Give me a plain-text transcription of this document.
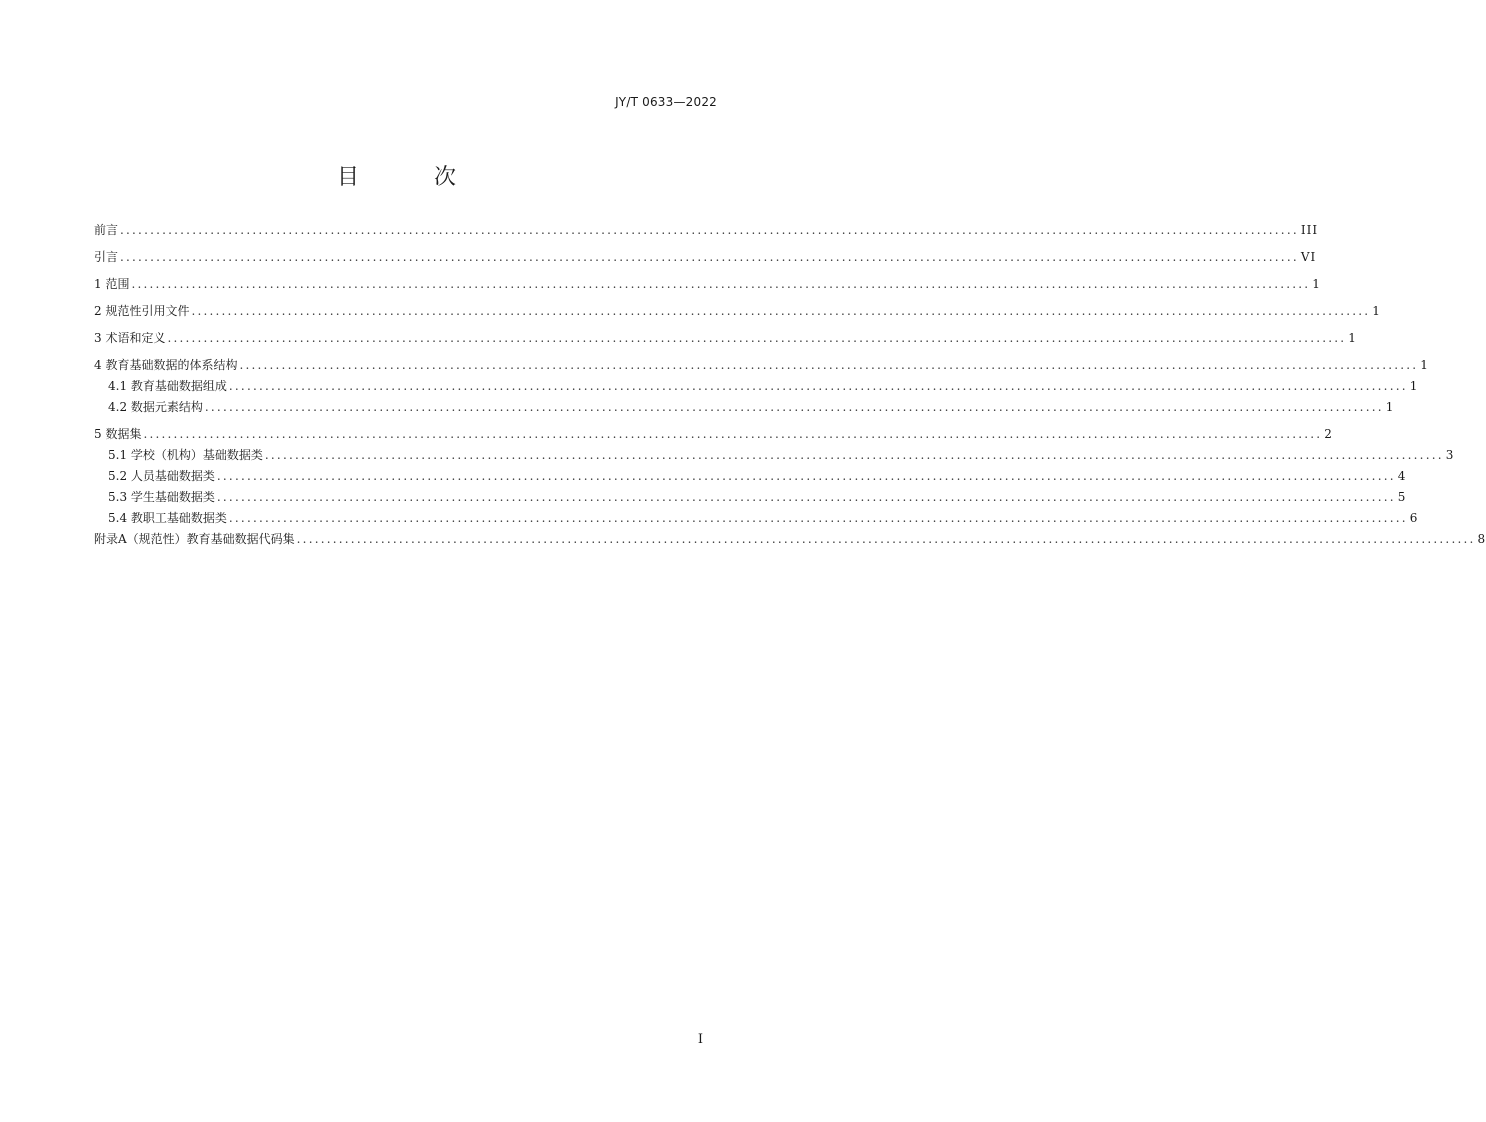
JY/T 0633—2022
目 次
前言 .................................................................................................................................................................................................... III
引言 .................................................................................................................................................................................................... VI
1 范围 .................................................................................................................................................................................................... 1
2 规范性引用文件 .................................................................................................................................................................................................... 1
3 术语和定义 .................................................................................................................................................................................................... 1
4 教育基础数据的体系结构 .................................................................................................................................................................................................... 1
4.1 教育基础数据组成 .................................................................................................................................................................................................... 1
4.2 数据元素结构 .................................................................................................................................................................................................... 1
5 数据集 .................................................................................................................................................................................................... 2
5.1 学校（机构）基础数据类 .................................................................................................................................................................................................... 3
5.2 人员基础数据类 .................................................................................................................................................................................................... 4
5.3 学生基础数据类 .................................................................................................................................................................................................... 5
5.4 教职工基础数据类 .................................................................................................................................................................................................... 6
附录A（规范性）教育基础数据代码集 .................................................................................................................................................................................................... 8
I
